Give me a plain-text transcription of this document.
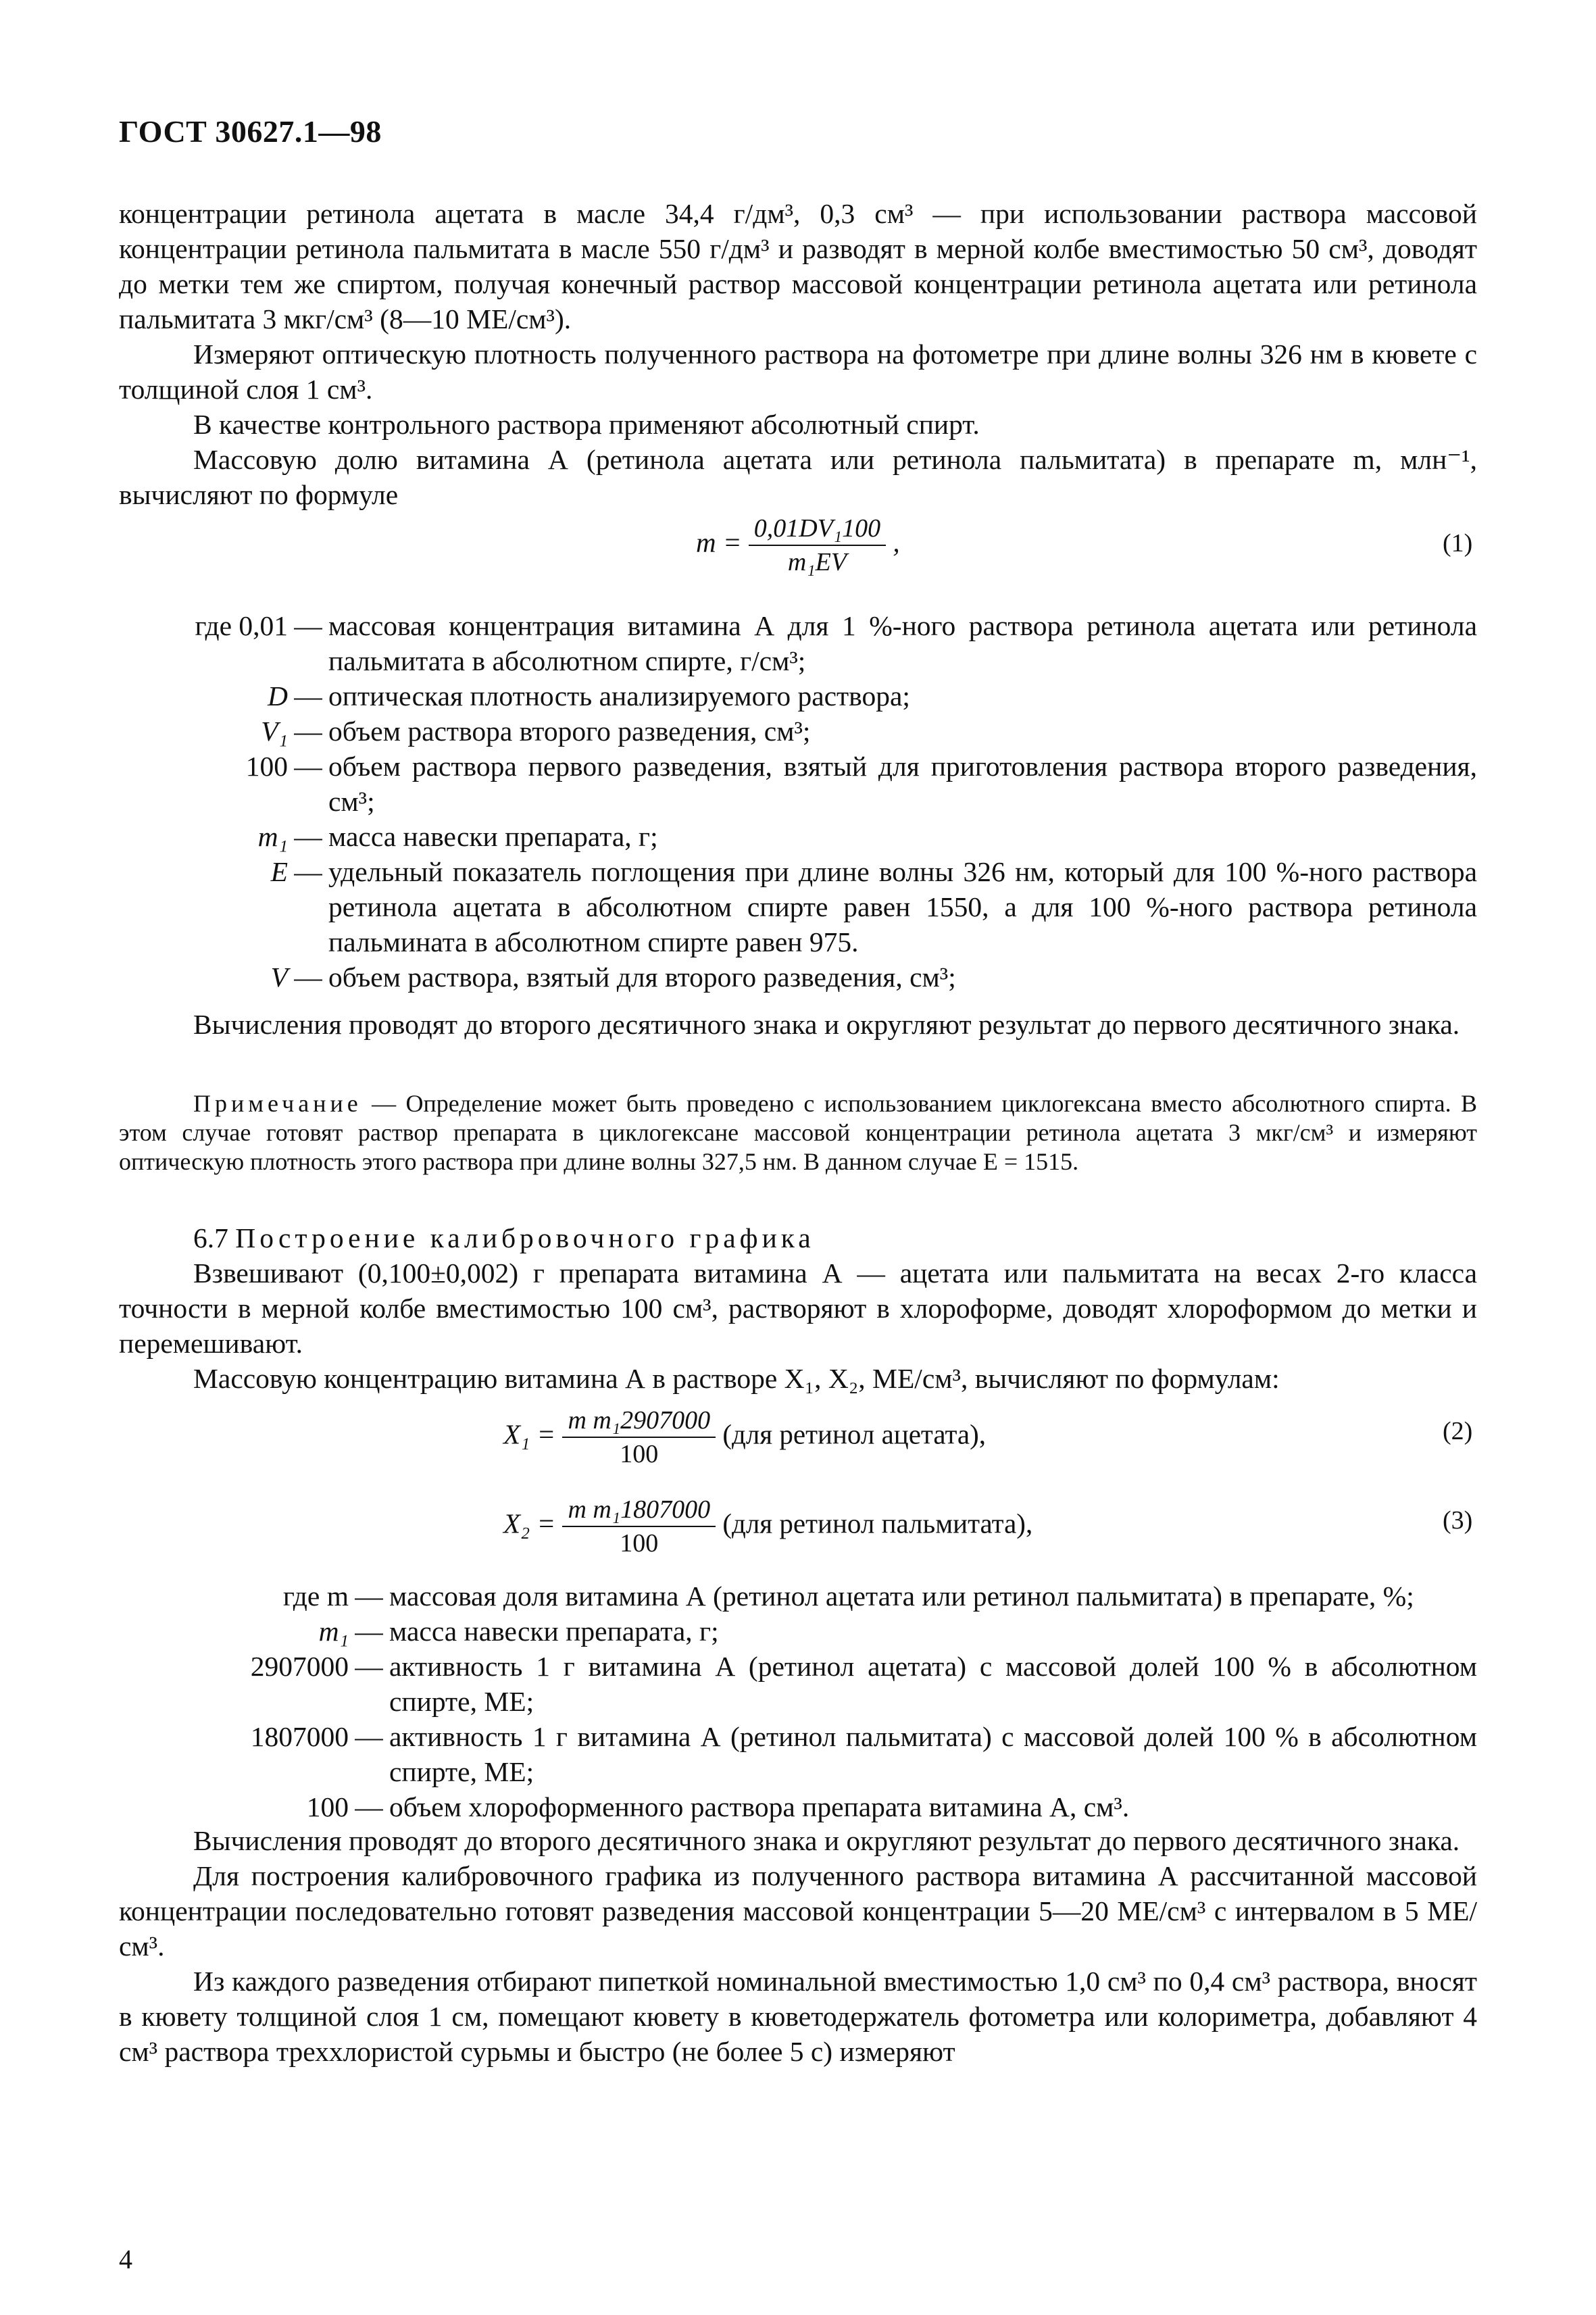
ГОСТ 30627.1—98

концентрации ретинола ацетата в масле 34,4 г/дм³, 0,3 см³ — при использовании раствора массовой концентрации ретинола пальмитата в масле 550 г/дм³ и разводят в мерной колбе вместимостью 50 см³, доводят до метки тем же спиртом, получая конечный раствор массовой концентрации ретинола ацетата или ретинола пальмитата 3 мкг/см³ (8—10 МЕ/см³).

Измеряют оптическую плотность полученного раствора на фотометре при длине волны 326 нм в кювете с толщиной слоя 1 см³.

В качестве контрольного раствора применяют абсолютный спирт.

Массовую долю витамина А (ретинола ацетата или ретинола пальмитата) в препарате m, млн⁻¹, вычисляют по формуле

$m = \frac{\text{0,01DV₁100}}{\text{m₁EV}}$ ,	(1)
где 0,01 — массовая концентрация витамина А для 1 %-ного раствора ретинола ацетата или ретинола пальмитата в абсолютном спирте, г/см³;
D — оптическая плотность анализируемого раствора;
V₁ — объем раствора второго разведения, см³;
100 — объем раствора первого разведения, взятый для приготовления раствора второго разведения, см³;
m₁ — масса навески препарата, г;
E — удельный показатель поглощения при длине волны 326 нм, который для 100 %-ного раствора ретинола ацетата в абсолютном спирте равен 1550, а для 100 %-ного раствора ретинола пальмината в абсолютном спирте равен 975.
V — объем раствора, взятый для второго разведения, см³;
Вычисления проводят до второго десятичного знака и округляют результат до первого десятичного знака.

Примечание — Определение может быть проведено с использованием циклогексана вместо абсолютного спирта. В этом случае готовят раствор препарата в циклогексане массовой концентрации ретинола ацетата 3 мкг/см³ и измеряют оптическую плотность этого раствора при длине волны 327,5 нм. В данном случае E = 1515.

6.7 Построение калибровочного графика

Взвешивают (0,100±0,002) г препарата витамина А — ацетата или пальмитата на весах 2-го класса точности в мерной колбе вместимостью 100 см³, растворяют в хлороформе, доводят хлороформом до метки и перемешивают.

Массовую концентрацию витамина А в растворе X₁, X₂, МЕ/см³, вычисляют по формулам:

$X_1 = \frac{\text{m m₁2907000}}{100} (для$ ретинол ацетата),	(2)
$X_2 = \frac{\text{m m₁1807000}}{100} (для$ ретинол пальмитата),	(3)
где m — массовая доля витамина А (ретинол ацетата или ретинол пальмитата) в препарате, %;
m₁ — масса навески препарата, г;
2907000 — активность 1 г витамина А (ретинол ацетата) с массовой долей 100 % в абсолютном спирте, МЕ;
1807000 — активность 1 г витамина А (ретинол пальмитата) с массовой долей 100 % в абсолютном спирте, МЕ;
100 — объем хлороформенного раствора препарата витамина А, см³.

Вычисления проводят до второго десятичного знака и округляют результат до первого десятичного знака.

Для построения калибровочного графика из полученного раствора витамина А рассчитанной массовой концентрации последовательно готовят разведения массовой концентрации 5—20 МЕ/см³ с интервалом в 5 МЕ/см³.

Из каждого разведения отбирают пипеткой номинальной вместимостью 1,0 см³ по 0,4 см³ раствора, вносят в кювету толщиной слоя 1 см, помещают кювету в кюветодержатель фотометра или колориметра, добавляют 4 см³ раствора треххлористой сурьмы и быстро (не более 5 с) измеряют

4
